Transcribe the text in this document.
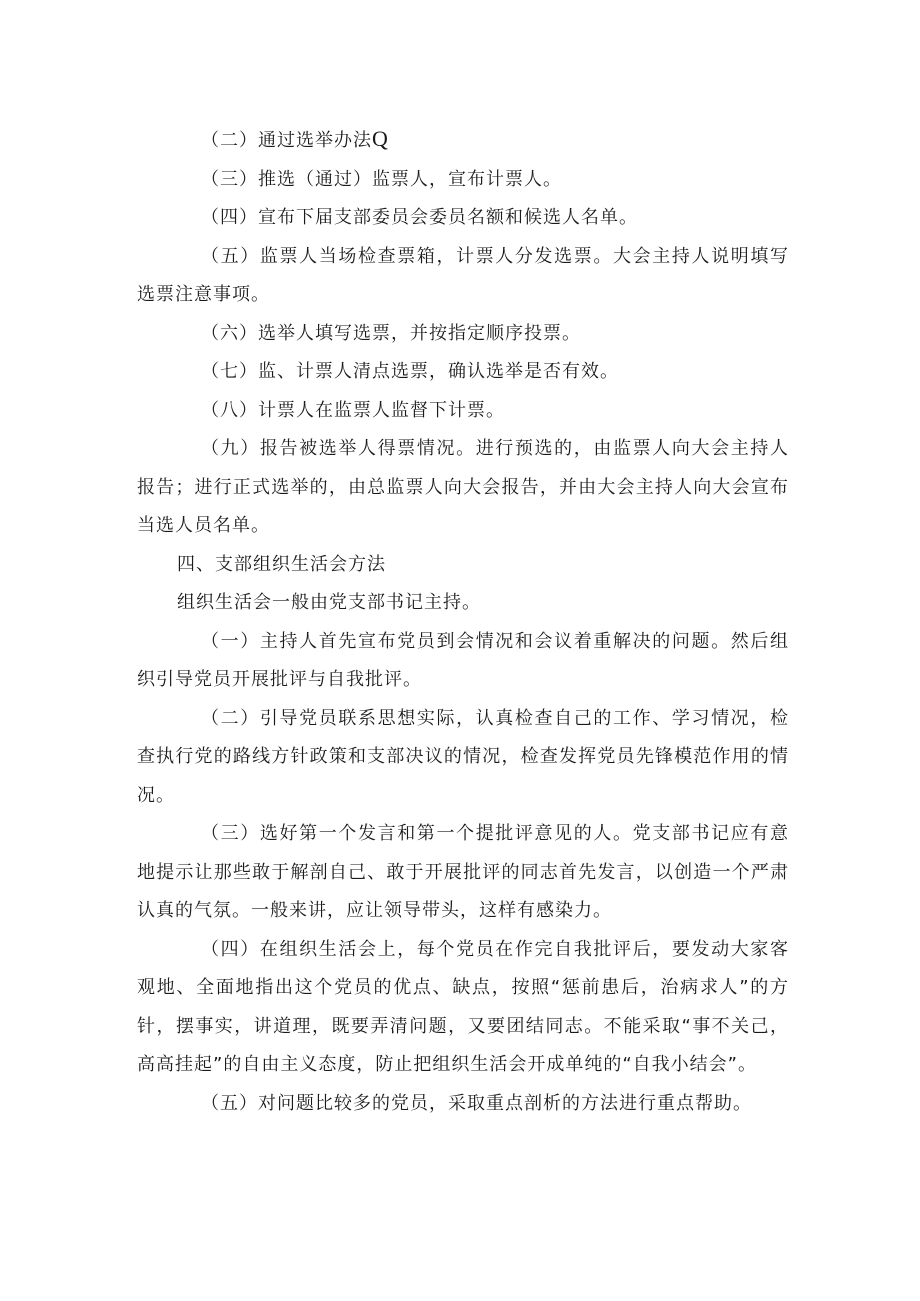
（二）通过选举办法Q

（三）推选（通过）监票人，宣布计票人。

（四）宣布下届支部委员会委员名额和候选人名单。

（五）监票人当场检查票箱，计票人分发选票。大会主持人说明填写选票注意事项。

（六）选举人填写选票，并按指定顺序投票。

（七）监、计票人清点选票，确认选举是否有效。

（八）计票人在监票人监督下计票。

（九）报告被选举人得票情况。进行预选的，由监票人向大会主持人报告；进行正式选举的，由总监票人向大会报告，并由大会主持人向大会宣布当选人员名单。

四、支部组织生活会方法

组织生活会一般由党支部书记主持。

（一）主持人首先宣布党员到会情况和会议着重解决的问题。然后组织引导党员开展批评与自我批评。

（二）引导党员联系思想实际，认真检查自己的工作、学习情况，检查执行党的路线方针政策和支部决议的情况，检查发挥党员先锋模范作用的情况。

（三）选好第一个发言和第一个提批评意见的人。党支部书记应有意地提示让那些敢于解剖自己、敢于开展批评的同志首先发言，以创造一个严肃认真的气氛。一般来讲，应让领导带头，这样有感染力。

（四）在组织生活会上，每个党员在作完自我批评后，要发动大家客观地、全面地指出这个党员的优点、缺点，按照“惩前患后，治病求人”的方针，摆事实，讲道理，既要弄清问题，又要团结同志。不能采取“事不关己，高高挂起”的自由主义态度，防止把组织生活会开成单纯的“自我小结会”。

（五）对问题比较多的党员，采取重点剖析的方法进行重点帮助。
